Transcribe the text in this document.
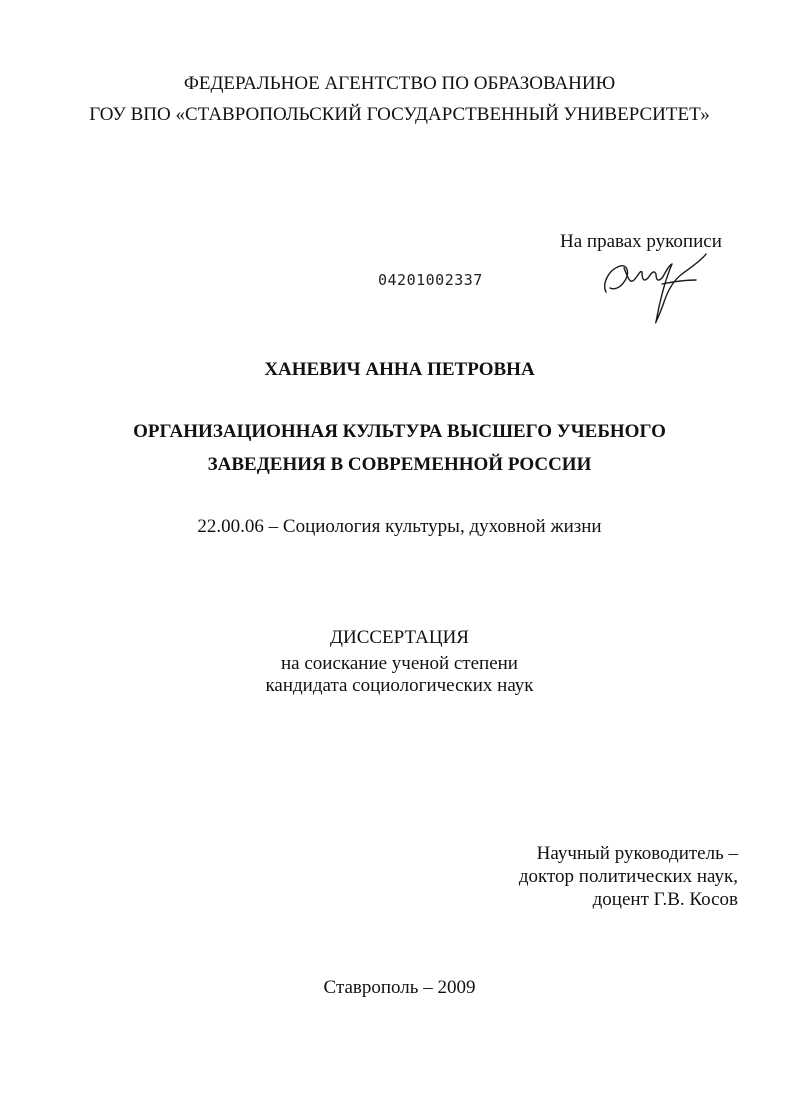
ФЕДЕРАЛЬНОЕ АГЕНТСТВО ПО ОБРАЗОВАНИЮ
ГОУ ВПО «СТАВРОПОЛЬСКИЙ ГОСУДАРСТВЕННЫЙ УНИВЕРСИТЕТ»
На правах рукописи
04201002337
ХАНЕВИЧ АННА ПЕТРОВНА
ОРГАНИЗАЦИОННАЯ КУЛЬТУРА ВЫСШЕГО УЧЕБНОГО
ЗАВЕДЕНИЯ В СОВРЕМЕННОЙ РОССИИ
22.00.06 – Социология культуры, духовной жизни
ДИССЕРТАЦИЯ
на соискание ученой степени
кандидата социологических наук
Научный руководитель –
доктор политических наук,
доцент Г.В. Косов
Ставрополь – 2009
